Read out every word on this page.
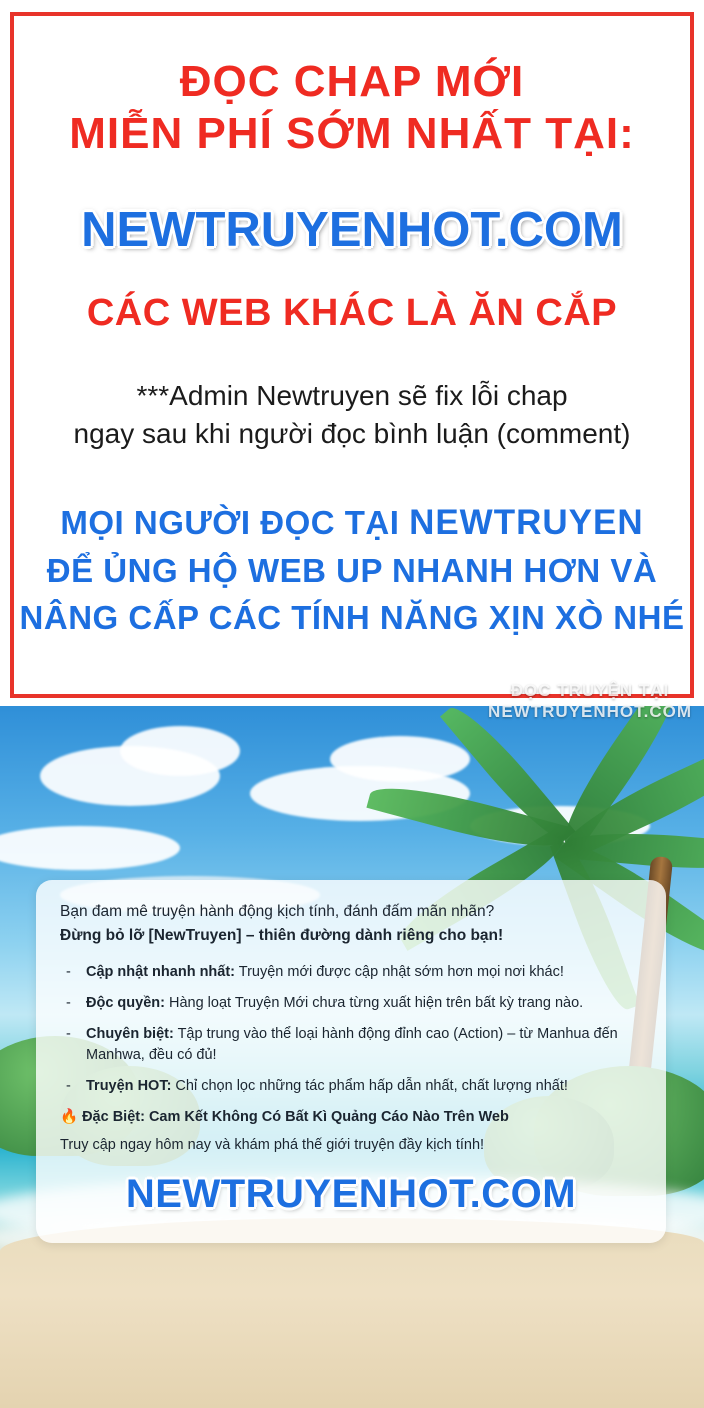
ĐỌC CHAP MỚI
MIỄN PHÍ SỚM NHẤT TẠI:
NEWTRUYENHOT.COM
CÁC WEB KHÁC LÀ ĂN CẮP
***Admin Newtruyen sẽ fix lỗi chap
ngay sau khi người đọc bình luận (comment)
MỌI NGƯỜI ĐỌC TẠI NEWTRUYEN
ĐỂ ỦNG HỘ WEB UP NHANH HƠN VÀ
NÂNG CẤP CÁC TÍNH NĂNG XỊN XÒ NHÉ
ĐỌC TRUYỆN TẠI
NEWTRUYENHOT.COM
Bạn đam mê truyện hành động kịch tính, đánh đấm mãn nhãn?
Đừng bỏ lỡ [NewTruyen] – thiên đường dành riêng cho bạn!
- Cập nhật nhanh nhất: Truyện mới được cập nhật sớm hơn mọi nơi khác!
- Độc quyền: Hàng loạt Truyện Mới chưa từng xuất hiện trên bất kỳ trang nào.
- Chuyên biệt: Tập trung vào thể loại hành động đỉnh cao (Action) – từ Manhua đến Manhwa, đều có đủ!
- Truyện HOT: Chỉ chọn lọc những tác phẩm hấp dẫn nhất, chất lượng nhất!
🔥 Đặc Biệt: Cam Kết Không Có Bất Kì Quảng Cáo Nào Trên Web
Truy cập ngay hôm nay và khám phá thế giới truyện đầy kịch tính!
NEWTRUYENHOT.COM
